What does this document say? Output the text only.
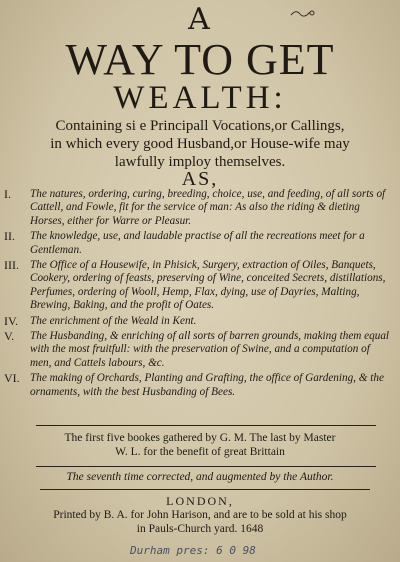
A
WAY TO GET
WEALTH:
Containing si e Principall Vocations,or Callings,
in which every good Husband,or House-wife may
lawfully imploy themselves.
AS,
I.	The natures, ordering, curing, breeding, choice, use, and feeding, of all sorts of Cattell, and Fowle, fit for the service of man: As also the riding & dieting Horses, either for Warre or Pleasur.
II.	The knowledge, use, and laudable practise of all the recreations meet for a Gentleman.
III. The Office of a Housewife, in Phisick, Surgery, extraction of Oiles, Banquets, Cookery, ordering of feasts, preserving of Wine, conceited Secrets, distillations, Perfumes, ordering of Wooll, Hemp, Flax, dying, use of Dayries, Malting, Brewing, Baking, and the profit of Oates.
IV.	The enrichment of the Weald in Kent.
V.	The Husbanding, & enriching of all sorts of barren grounds, making them equal with the most fruitfull: with the preservation of Swine, and a computation of men, and Cattels labours, &c.
VI. The making of Orchards, Planting and Grafting, the office of Gardening, & the ornaments, with the best Husbanding of Bees.
The first five bookes gathered by G. M. The last by Master
W. L. for the benefit of great Brittain
The seventh time corrected, and augmented by the Author.
LONDON,
Printed by B. A. for John Harison, and are to be sold at his shop
in Pauls-Church yard. 1648
Durham pres: 6 0 98
